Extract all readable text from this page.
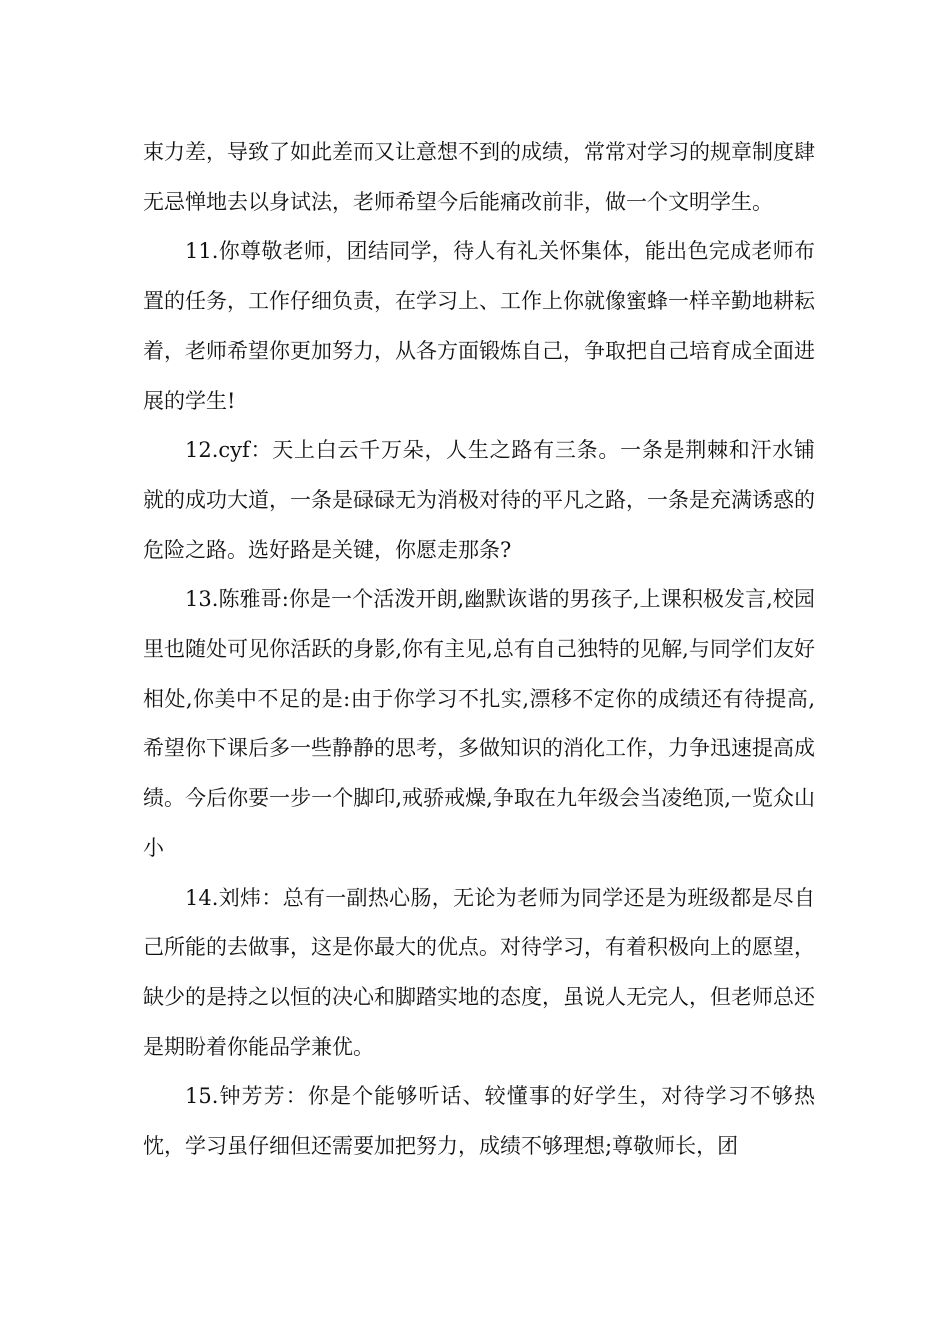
束力差，导致了如此差而又让意想不到的成绩，常常对学习的规章制度肆无忌惮地去以身试法，老师希望今后能痛改前非，做一个文明学生。

11.你尊敬老师，团结同学，待人有礼关怀集体，能出色完成老师布置的任务，工作仔细负责，在学习上、工作上你就像蜜蜂一样辛勤地耕耘着，老师希望你更加努力，从各方面锻炼自己，争取把自己培育成全面进展的学生!

12.cyf：天上白云千万朵，人生之路有三条。一条是荆棘和汗水铺就的成功大道，一条是碌碌无为消极对待的平凡之路，一条是充满诱惑的危险之路。选好路是关键，你愿走那条?

13.陈雅哥:你是一个活泼开朗,幽默诙谐的男孩子,上课积极发言,校园里也随处可见你活跃的身影,你有主见,总有自己独特的见解,与同学们友好相处,你美中不足的是:由于你学习不扎实,漂移不定你的成绩还有待提高,希望你下课后多一些静静的思考，多做知识的消化工作，力争迅速提高成绩。今后你要一步一个脚印,戒骄戒燥,争取在九年级会当凌绝顶,一览众山小

14.刘炜：总有一副热心肠，无论为老师为同学还是为班级都是尽自己所能的去做事，这是你最大的优点。对待学习，有着积极向上的愿望，缺少的是持之以恒的决心和脚踏实地的态度，虽说人无完人，但老师总还是期盼着你能品学兼优。

15.钟芳芳：你是个能够听话、较懂事的好学生，对待学习不够热忱，学习虽仔细但还需要加把努力，成绩不够理想;尊敬师长，团
